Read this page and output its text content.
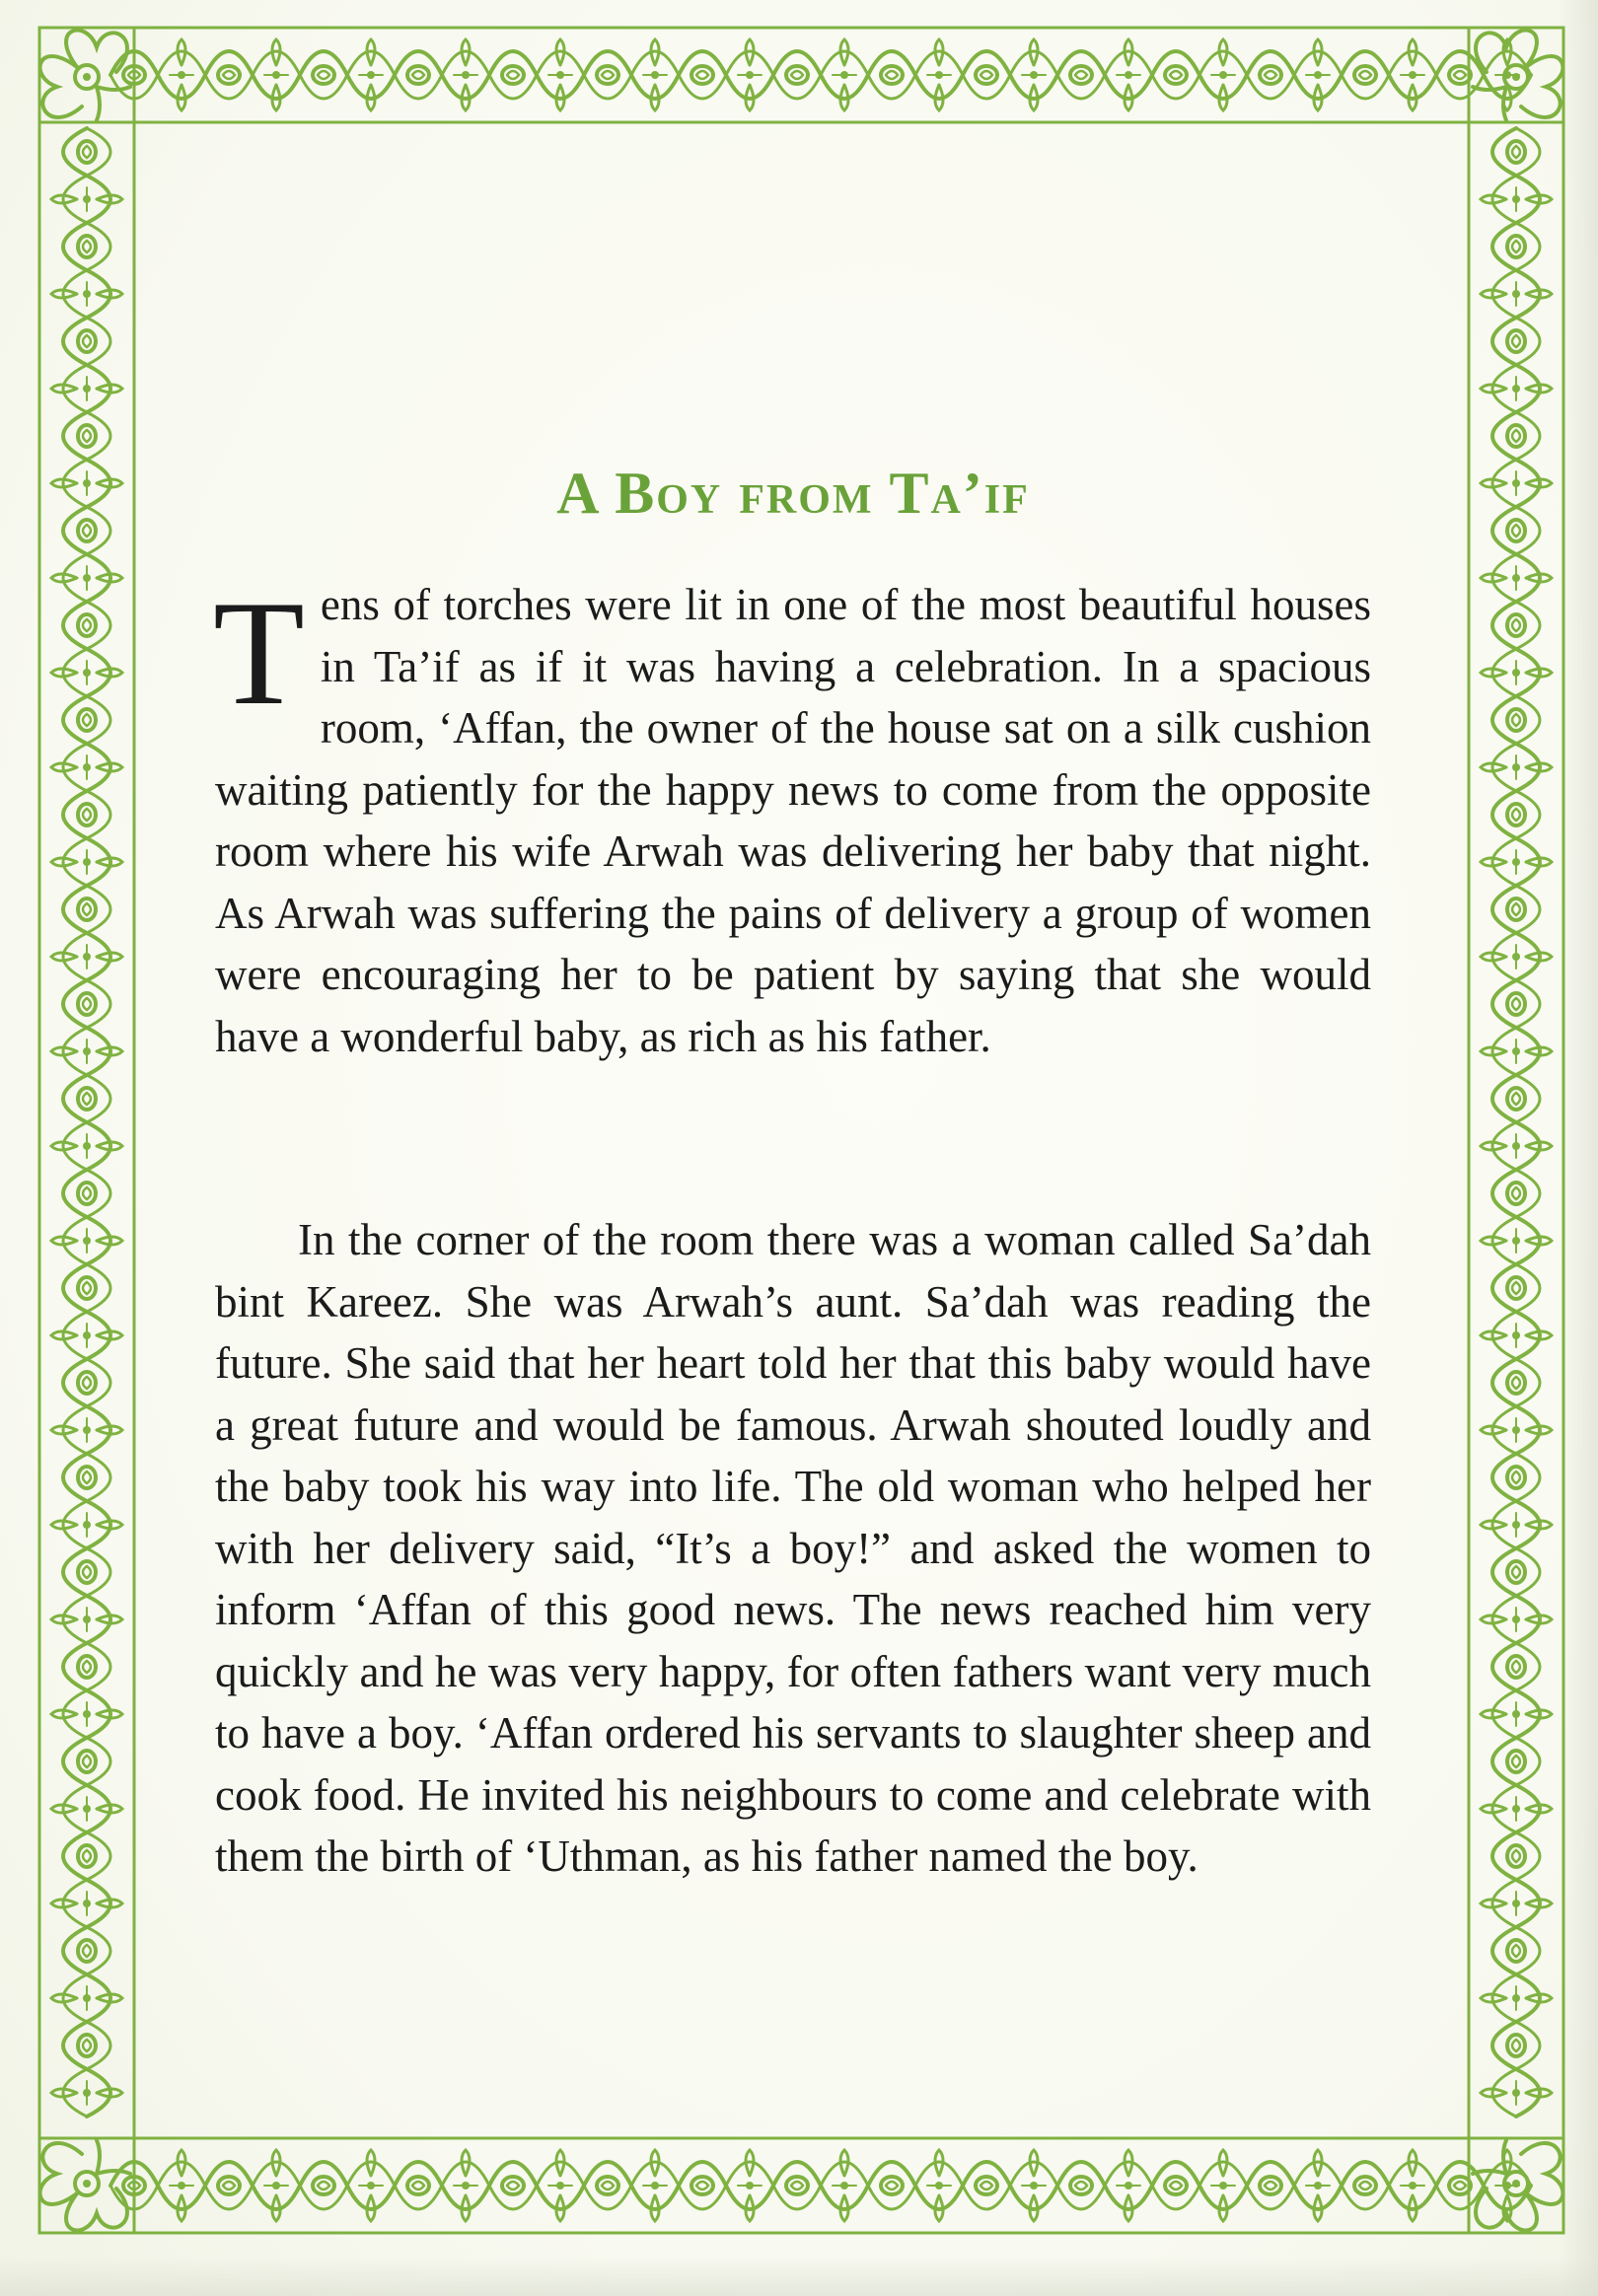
A Boy from Ta’if

Tens of torches were lit in one of the most beautiful houses in Ta’if as if it was having a celebration. In a spacious room, ‘Affan, the owner of the house sat on a silk cushion waiting patiently for the happy news to come from the opposite room where his wife Arwah was delivering her baby that night. As Arwah was suffering the pains of delivery a group of women were encouraging her to be patient by saying that she would have a wonderful baby, as rich as his father.

In the corner of the room there was a woman called Sa’dah bint Kareez. She was Arwah’s aunt. Sa’dah was reading the future. She said that her heart told her that this baby would have a great future and would be famous. Arwah shouted loudly and the baby took his way into life. The old woman who helped her with her delivery said, “It’s a boy!” and asked the women to inform ‘Affan of this good news. The news reached him very quickly and he was very happy, for often fathers want very much to have a boy. ‘Affan ordered his servants to slaughter sheep and cook food. He invited his neighbours to come and celebrate with them the birth of ‘Uthman, as his father named the boy.
